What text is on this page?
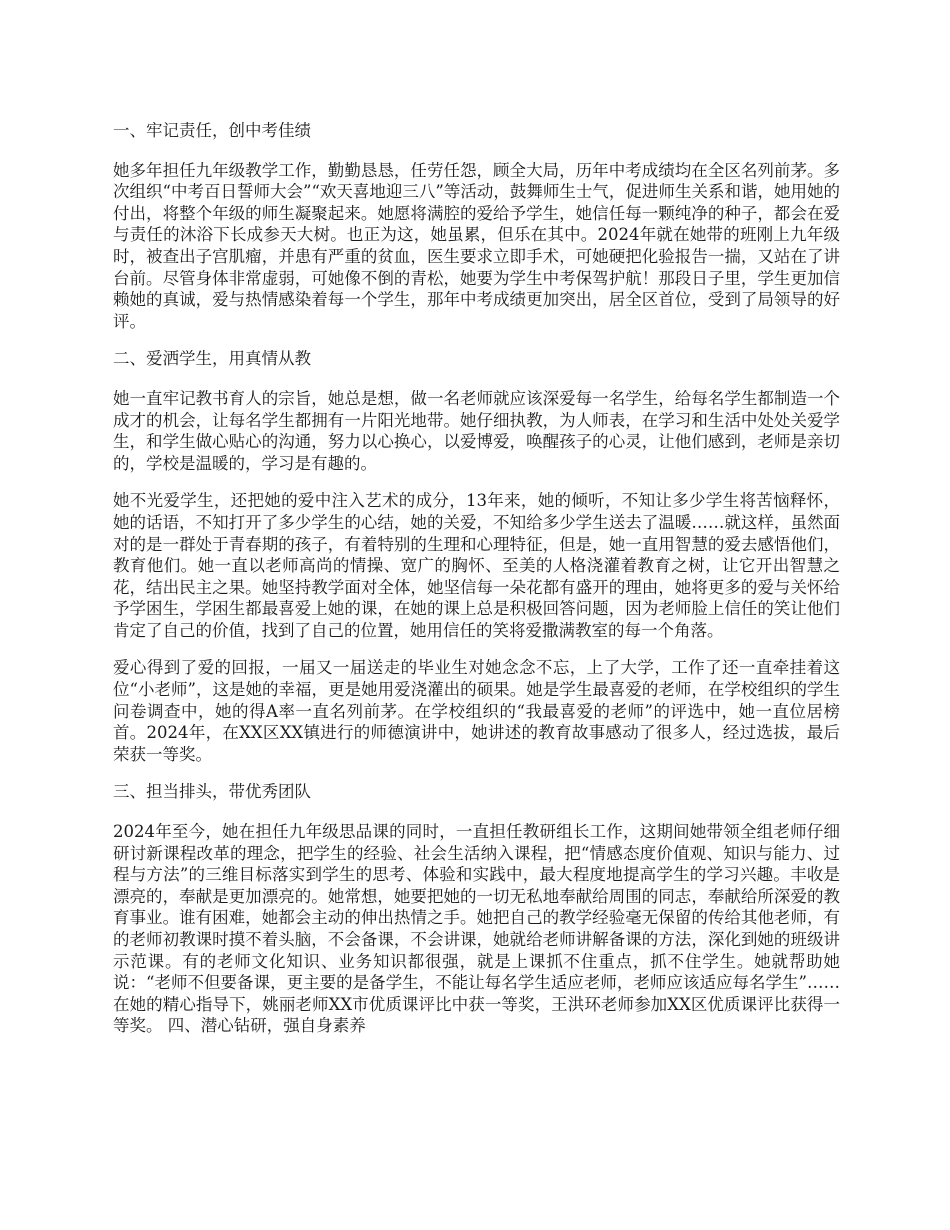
一、牢记责任，创中考佳绩

她多年担任九年级教学工作，勤勤恳恳，任劳任怨，顾全大局，历年中考成绩均在全区名列前茅。多次组织“中考百日誓师大会”“欢天喜地迎三八”等活动，鼓舞师生士气，促进师生关系和谐，她用她的付出，将整个年级的师生凝聚起来。她愿将满腔的爱给予学生，她信任每一颗纯净的种子，都会在爱与责任的沐浴下长成参天大树。也正为这，她虽累，但乐在其中。2024年就在她带的班刚上九年级时，被查出子宫肌瘤，并患有严重的贫血，医生要求立即手术，可她硬把化验报告一揣，又站在了讲台前。尽管身体非常虚弱，可她像不倒的青松，她要为学生中考保驾护航！那段日子里，学生更加信赖她的真诚，爱与热情感染着每一个学生，那年中考成绩更加突出，居全区首位，受到了局领导的好评。

二、爱洒学生，用真情从教

她一直牢记教书育人的宗旨，她总是想，做一名老师就应该深爱每一名学生，给每名学生都制造一个成才的机会，让每名学生都拥有一片阳光地带。她仔细执教，为人师表，在学习和生活中处处关爱学生，和学生做心贴心的沟通，努力以心换心，以爱博爱，唤醒孩子的心灵，让他们感到，老师是亲切的，学校是温暖的，学习是有趣的。

她不光爱学生，还把她的爱中注入艺术的成分，13年来，她的倾听，不知让多少学生将苦恼释怀，她的话语，不知打开了多少学生的心结，她的关爱，不知给多少学生送去了温暖……就这样，虽然面对的是一群处于青春期的孩子，有着特别的生理和心理特征，但是，她一直用智慧的爱去感悟他们，教育他们。她一直以老师高尚的情操、宽广的胸怀、至美的人格浇灌着教育之树，让它开出智慧之花，结出民主之果。她坚持教学面对全体，她坚信每一朵花都有盛开的理由，她将更多的爱与关怀给予学困生，学困生都最喜爱上她的课，在她的课上总是积极回答问题，因为老师脸上信任的笑让他们肯定了自己的价值，找到了自己的位置，她用信任的笑将爱撒满教室的每一个角落。

爱心得到了爱的回报，一届又一届送走的毕业生对她念念不忘，上了大学，工作了还一直牵挂着这位“小老师”，这是她的幸福，更是她用爱浇灌出的硕果。她是学生最喜爱的老师，在学校组织的学生问卷调查中，她的得A率一直名列前茅。在学校组织的“我最喜爱的老师”的评选中，她一直位居榜首。2024年，在XX区XX镇进行的师德演讲中，她讲述的教育故事感动了很多人，经过选拔，最后荣获一等奖。

三、担当排头，带优秀团队

2024年至今，她在担任九年级思品课的同时，一直担任教研组长工作，这期间她带领全组老师仔细研讨新课程改革的理念，把学生的经验、社会生活纳入课程，把“情感态度价值观、知识与能力、过程与方法”的三维目标落实到学生的思考、体验和实践中，最大程度地提高学生的学习兴趣。丰收是漂亮的，奉献是更加漂亮的。她常想，她要把她的一切无私地奉献给周围的同志，奉献给所深爱的教育事业。谁有困难，她都会主动的伸出热情之手。她把自己的教学经验毫无保留的传给其他老师，有的老师初教课时摸不着头脑，不会备课，不会讲课，她就给老师讲解备课的方法，深化到她的班级讲示范课。有的老师文化知识、业务知识都很强，就是上课抓不住重点，抓不住学生。她就帮助她说：“老师不但要备课，更主要的是备学生，不能让每名学生适应老师，老师应该适应每名学生”……在她的精心指导下，姚丽老师XX市优质课评比中获一等奖，王洪环老师参加XX区优质课评比获得一等奖。 四、潜心钻研，强自身素养
